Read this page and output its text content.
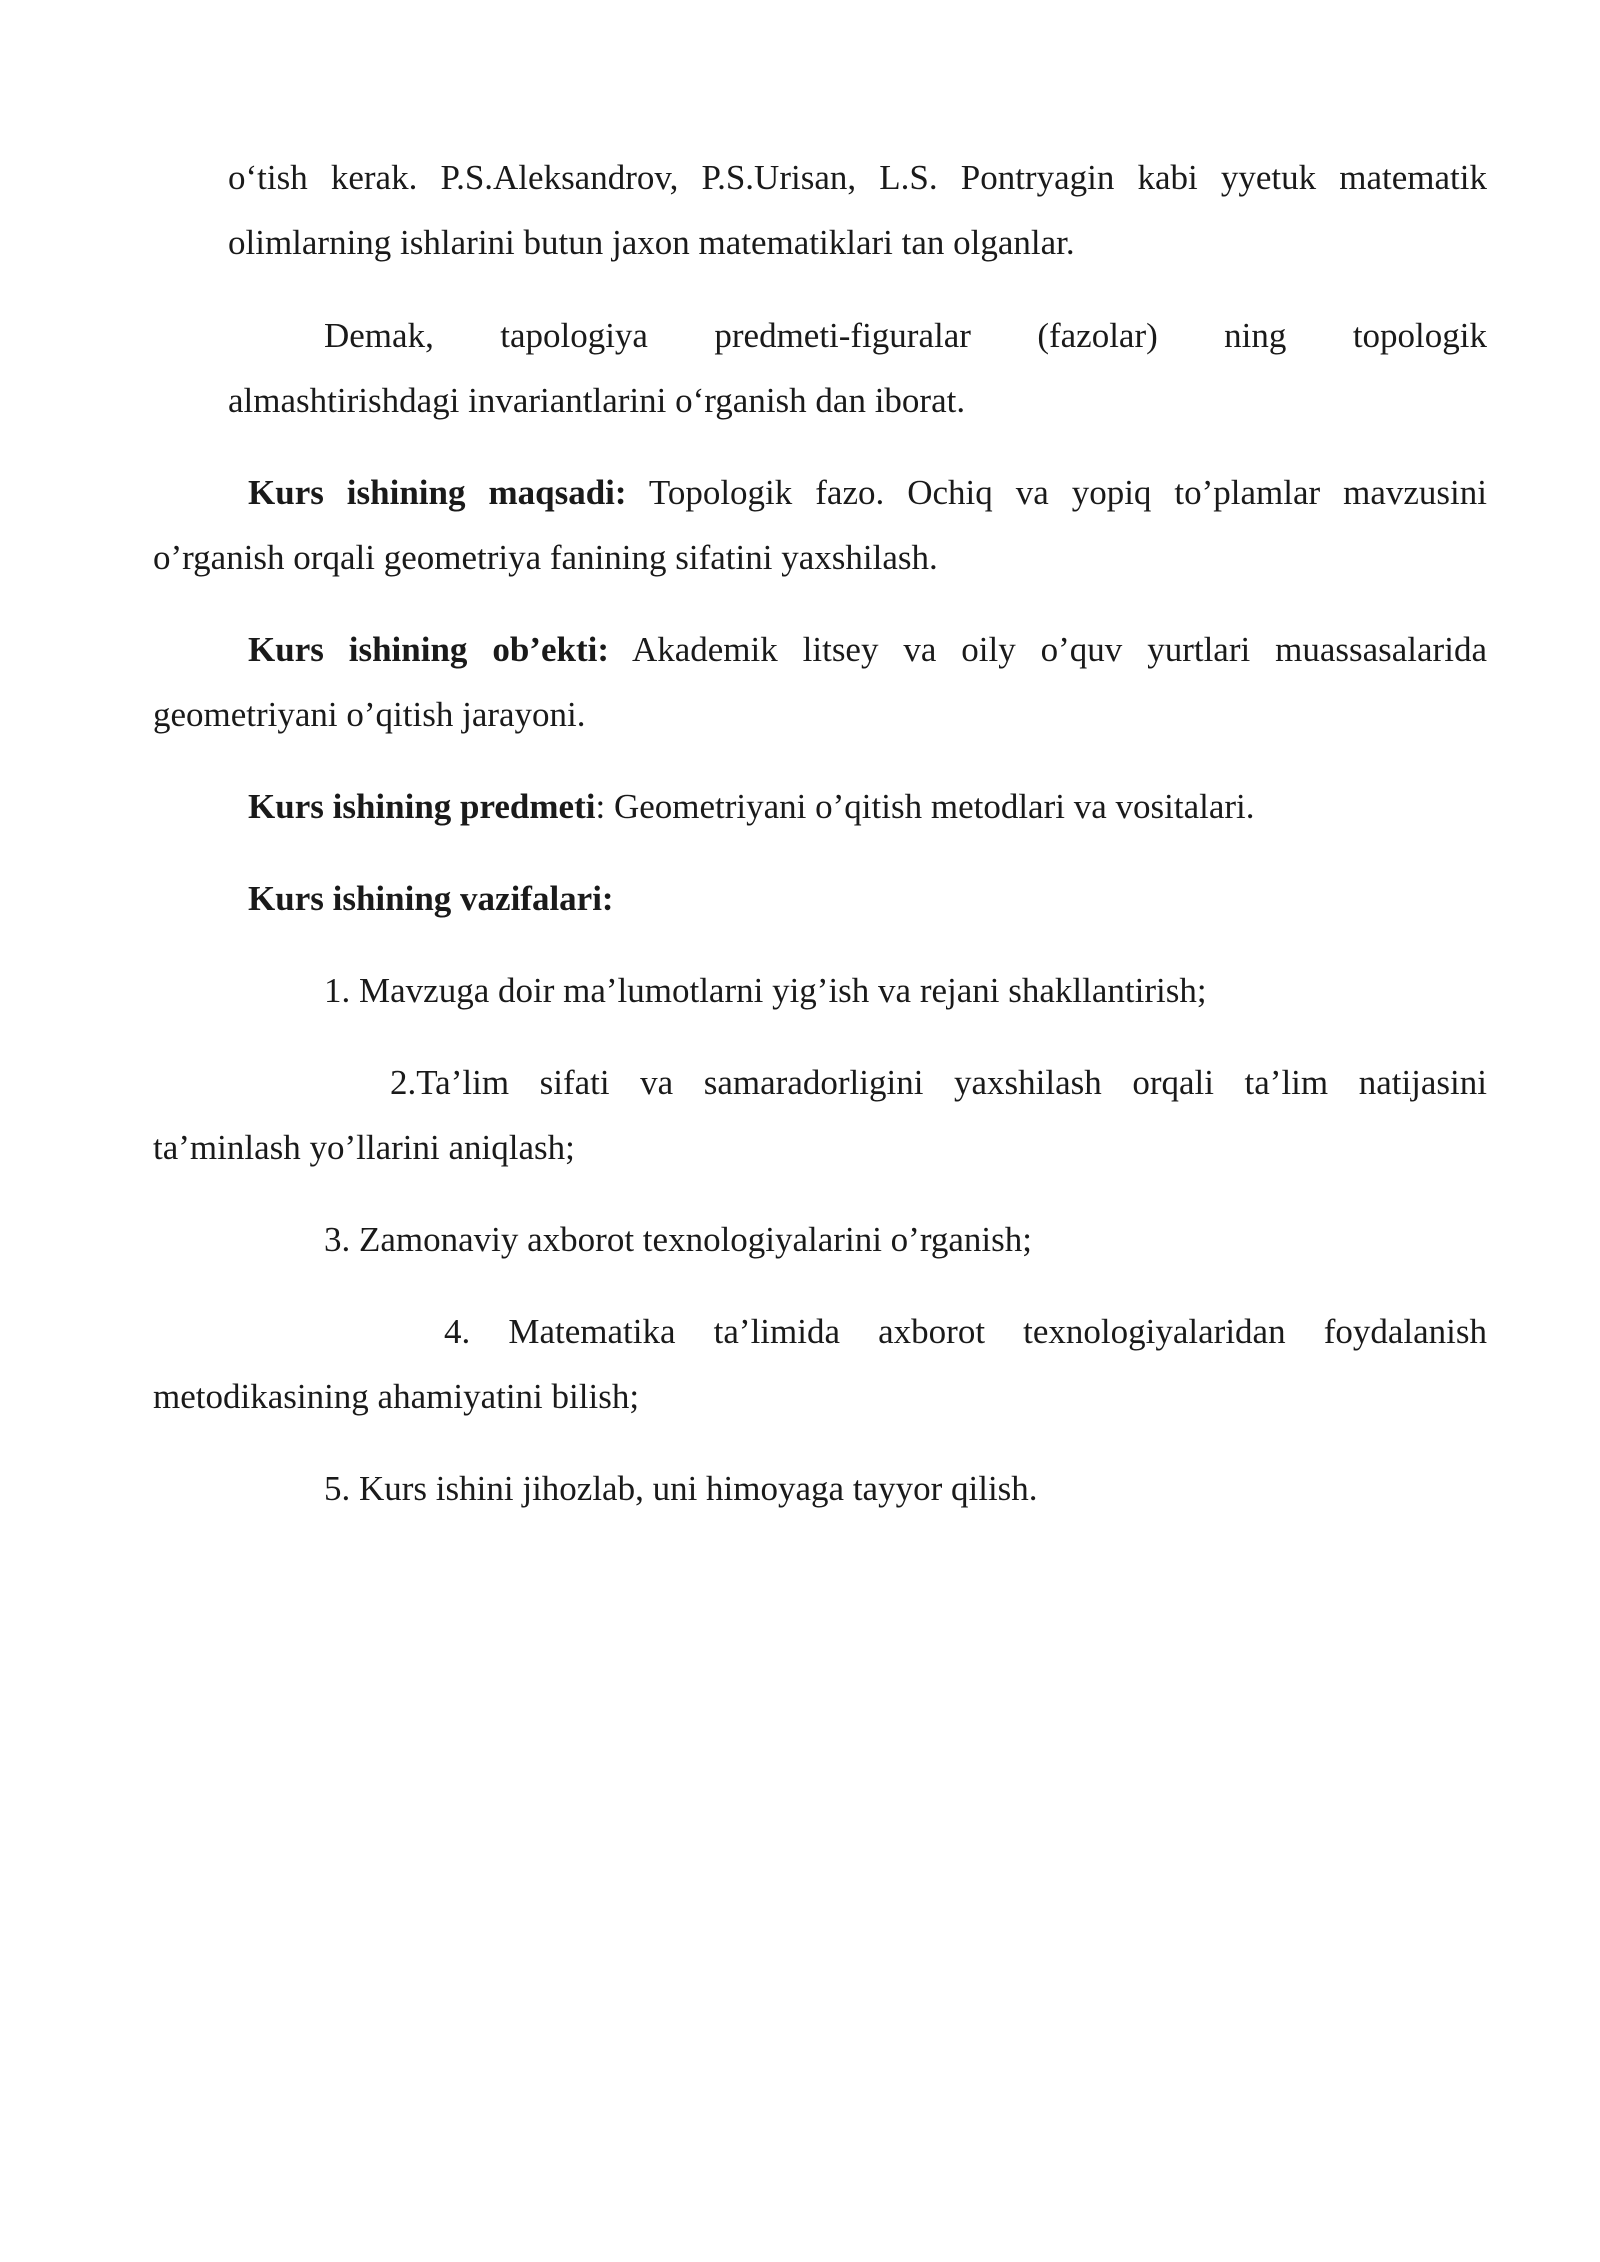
o‘tish kerak. P.S.Aleksandrov, P.S.Urisan, L.S. Pontryagin kabi yyetuk matematik
olimlarning ishlarini butun jaxon matematiklari tan olganlar.
Demak, tapologiya predmeti-figuralar (fazolar) ning topologik
almashtirishdagi invariantlarini o‘rganish dan iborat.
Kurs ishining maqsadi: Topologik fazo. Ochiq va yopiq to’plamlar mavzusini
o’rganish orqali geometriya fanining sifatini yaxshilash.
Kurs ishining ob’ekti: Akademik litsey va oily o’quv yurtlari muassasalarida
geometriyani o’qitish jarayoni.
Kurs ishining predmeti: Geometriyani o’qitish metodlari va vositalari.
Kurs ishining vazifalari:
1. Mavzuga doir ma’lumotlarni yig’ish va rejani shakllantirish;
2.Ta’lim sifati va samaradorligini yaxshilash orqali ta’lim natijasini
ta’minlash yo’llarini aniqlash;
3. Zamonaviy axborot texnologiyalarini o’rganish;
4. Matematika ta’limida axborot texnologiyalaridan foydalanish
metodikasining ahamiyatini bilish;
5. Kurs ishini jihozlab, uni himoyaga tayyor qilish.
